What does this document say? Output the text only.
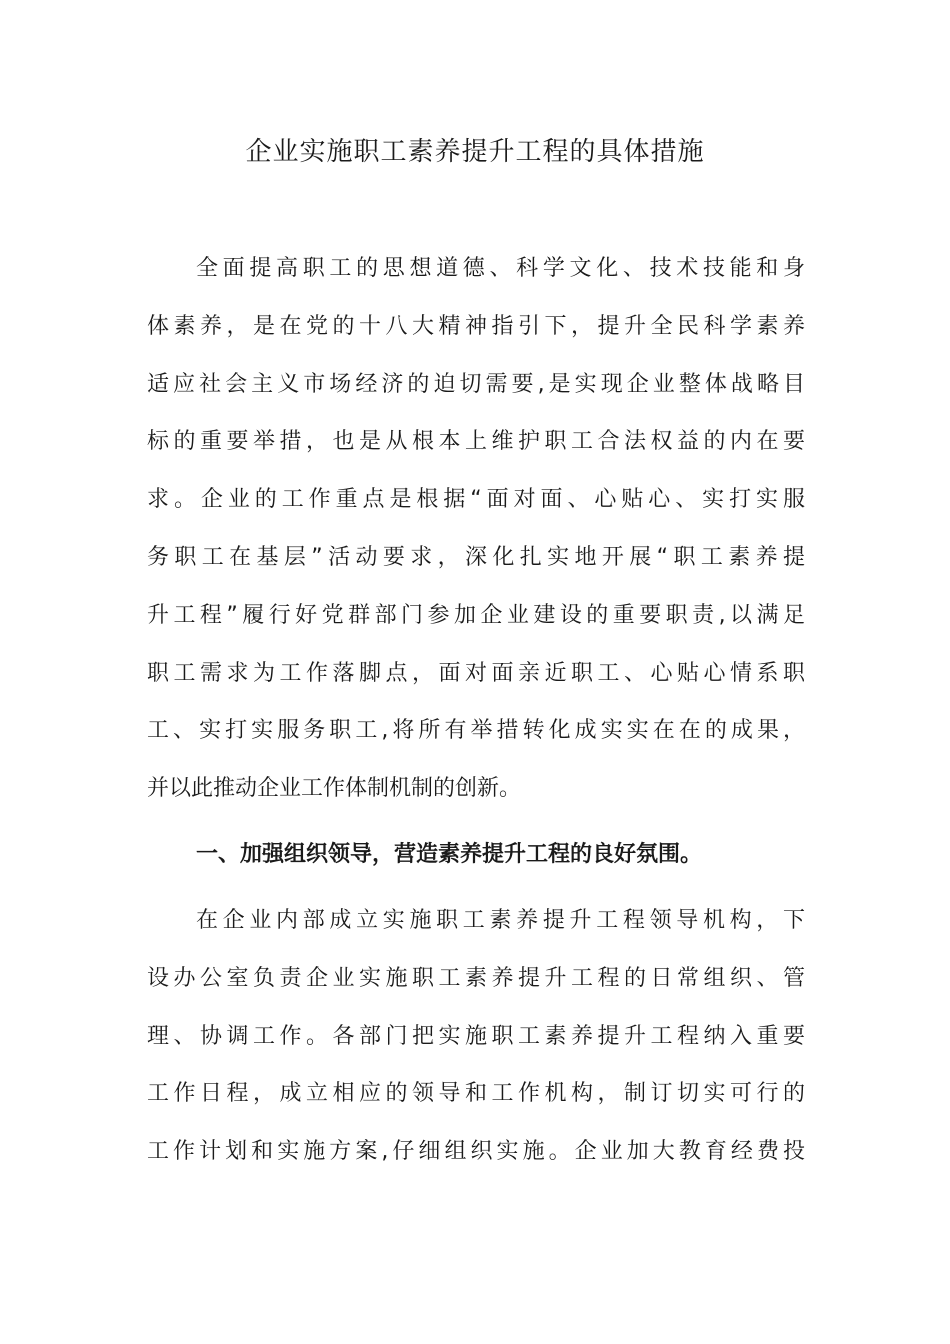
企业实施职工素养提升工程的具体措施
全面提高职工的思想道德、科学文化、技术技能和身
体素养，是在党的十八大精神指引下，提升全民科学素养
适应社会主义市场经济的迫切需要,是实现企业整体战略目
标的重要举措，也是从根本上维护职工合法权益的内在要
求。企业的工作重点是根据“面对面、心贴心、实打实服
务职工在基层”活动要求，深化扎实地开展“职工素养提
升工程”履行好党群部门参加企业建设的重要职责,以满足
职工需求为工作落脚点，面对面亲近职工、心贴心情系职
工、实打实服务职工,将所有举措转化成实实在在的成果，
并以此推动企业工作体制机制的创新。
一、加强组织领导，营造素养提升工程的良好氛围。
在企业内部成立实施职工素养提升工程领导机构，下
设办公室负责企业实施职工素养提升工程的日常组织、管
理、协调工作。各部门把实施职工素养提升工程纳入重要
工作日程，成立相应的领导和工作机构，制订切实可行的
工作计划和实施方案,仔细组织实施。企业加大教育经费投
